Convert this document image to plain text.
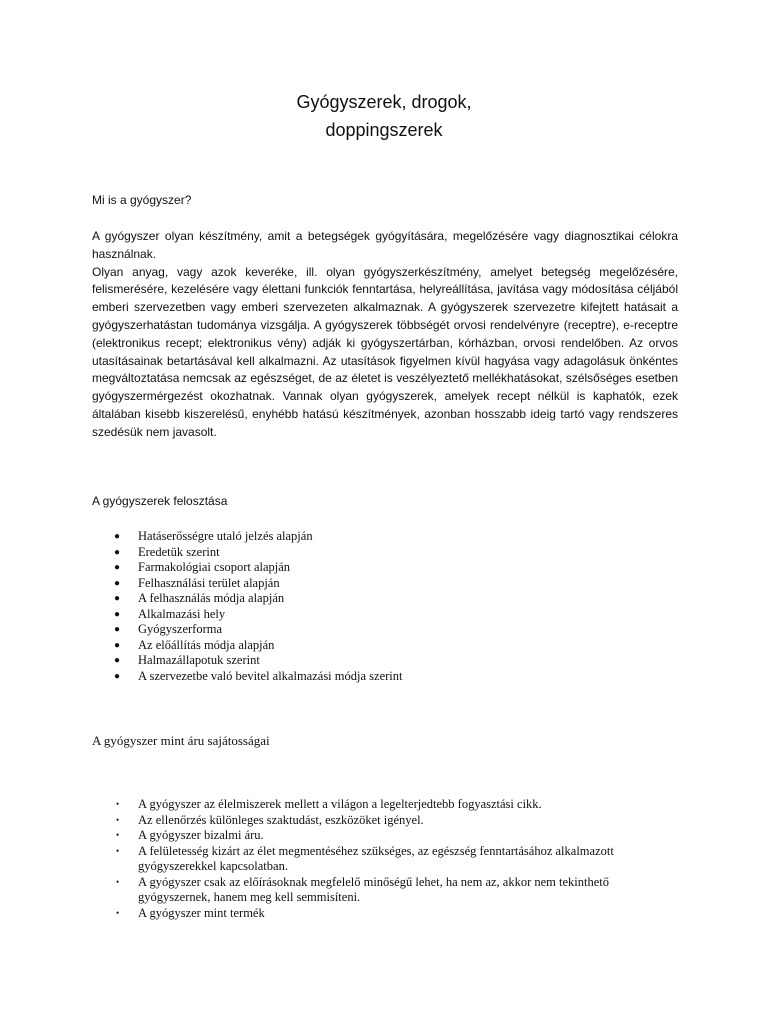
Gyógyszerek, drogok,
doppingszerek
Mi is a gyógyszer?

A gyógyszer olyan készítmény, amit a betegségek gyógyítására, megelőzésére vagy diagnosztikai célokra használnak.

Olyan anyag, vagy azok keveréke, ill. olyan gyógyszerkészítmény, amelyet betegség megelőzésére, felismerésére, kezelésére vagy élettani funkciók fenntartása, helyreállítása, javítása vagy módosítása céljából emberi szervezetben vagy emberi szervezeten alkalmaznak. A gyógyszerek szervezetre kifejtett hatásait a gyógyszerhatástan tudománya vizsgálja. A gyógyszerek többségét orvosi rendelvényre (receptre), e-receptre (elektronikus recept; elektronikus vény) adják ki gyógyszertárban, kórházban, orvosi rendelőben. Az orvos utasításainak betartásával kell alkalmazni. Az utasítások figyelmen kívül hagyása vagy adagolásuk önkéntes megváltoztatása nemcsak az egészséget, de az életet is veszélyeztető mellékhatásokat, szélsőséges esetben gyógyszermérgezést okozhatnak. Vannak olyan gyógyszerek, amelyek recept nélkül is kaphatók, ezek általában kisebb kiszerelésű, enyhébb hatású készítmények, azonban hosszabb ideig tartó vagy rendszeres szedésük nem javasolt.

A gyógyszerek felosztása
● Hatáserősségre utaló jelzés alapján
● Eredetük szerint
● Farmakológiai csoport alapján
● Felhasználási terület alapján
● A felhasználás módja alapján
● Alkalmazási hely
● Gyógyszerforma
● Az előállítás módja alapján
● Halmazállapotuk szerint
● A szervezetbe való bevitel alkalmazási módja szerint
A gyógyszer mint áru sajátosságai
• A gyógyszer az élelmiszerek mellett a világon a legelterjedtebb fogyasztási cikk.
• Az ellenőrzés különleges szaktudást, eszközöket igényel.
• A gyógyszer bizalmi áru.
• A felületesség kizárt az élet megmentéséhez szükséges, az egészség fenntartásához alkalmazott gyógyszerekkel kapcsolatban.
• A gyógyszer csak az előírásoknak megfelelő minőségű lehet, ha nem az, akkor nem tekinthető gyógyszernek, hanem meg kell semmisíteni.
• A gyógyszer mint termék
